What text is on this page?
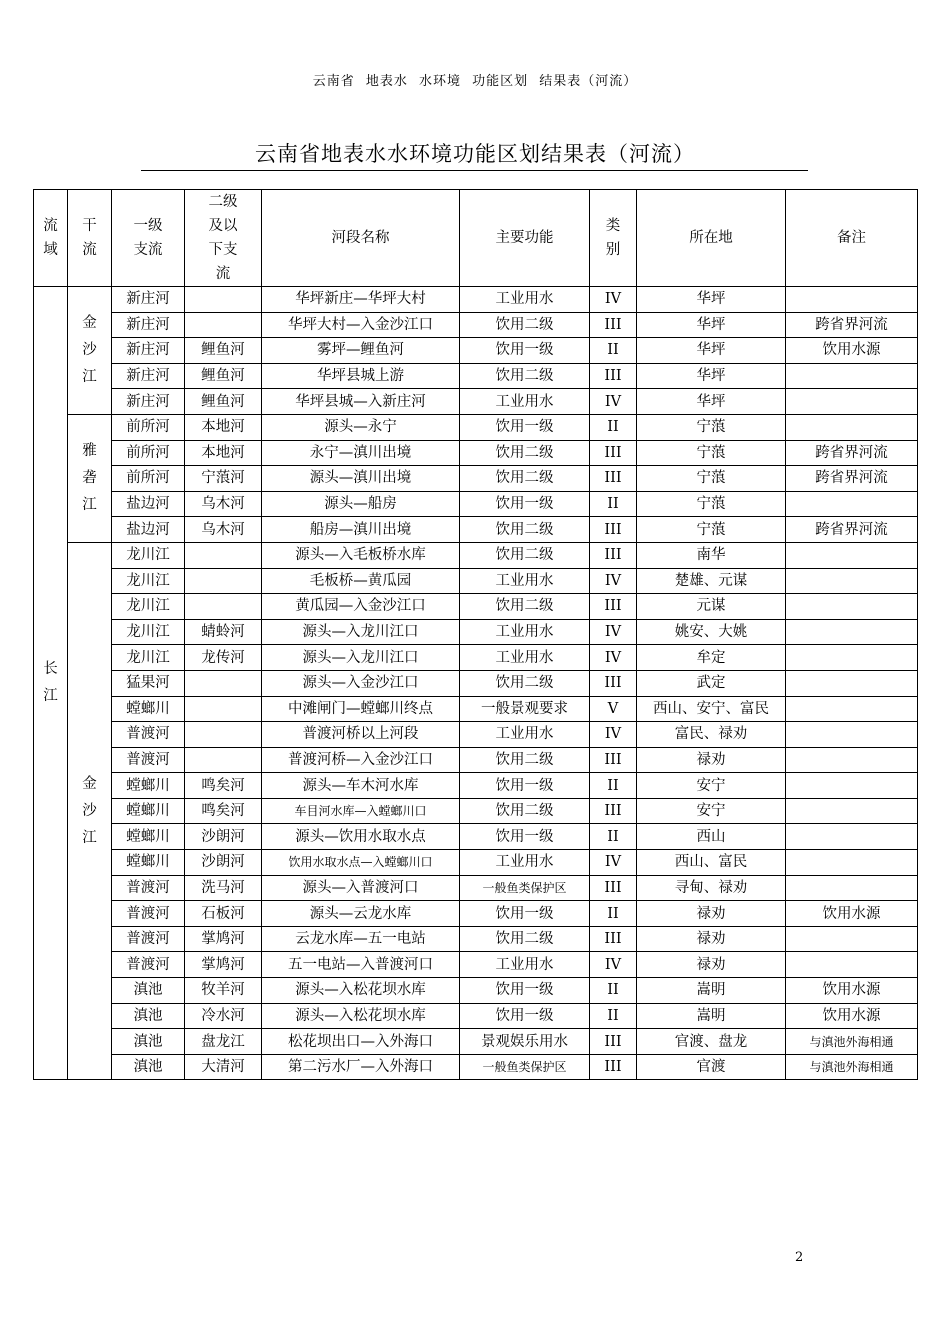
云南省 地表水 水环境 功能区划 结果表（河流）
云南省地表水水环境功能区划结果表（河流）
流域	干流	一级支流	二级及以下支流	河段名称	主要功能	类别	所在地	备注

长江	金沙江	新庄河		华坪新庄—华坪大村	工业用水	IV	华坪	
		新庄河		华坪大村—入金沙江口	饮用二级	III	华坪	跨省界河流
		新庄河	鲤鱼河	雾坪—鲤鱼河	饮用一级	II	华坪	饮用水源
		新庄河	鲤鱼河	华坪县城上游	饮用二级	III	华坪	
		新庄河	鲤鱼河	华坪县城—入新庄河	工业用水	IV	华坪	

	雅砻江	前所河	本地河	源头—永宁	饮用一级	II	宁蒗	
		前所河	本地河	永宁—滇川出境	饮用二级	III	宁蒗	跨省界河流
		前所河	宁蒗河	源头—滇川出境	饮用二级	III	宁蒗	跨省界河流
		盐边河	乌木河	源头—船房	饮用一级	II	宁蒗	
		盐边河	乌木河	船房—滇川出境	饮用二级	III	宁蒗	跨省界河流

	金沙江	龙川江		源头—入毛板桥水库	饮用二级	III	南华	
		龙川江		毛板桥—黄瓜园	工业用水	IV	楚雄、元谋	
		龙川江		黄瓜园—入金沙江口	饮用二级	III	元谋	
		龙川江	蜻蛉河	源头—入龙川江口	工业用水	IV	姚安、大姚	
		龙川江	龙传河	源头—入龙川江口	工业用水	IV	牟定	
		猛果河		源头—入金沙江口	饮用二级	III	武定	
		螳螂川		中滩闸门—螳螂川终点	一般景观要求	V	西山、安宁、富民	
		普渡河		普渡河桥以上河段	工业用水	IV	富民、禄劝	
		普渡河		普渡河桥—入金沙江口	饮用二级	III	禄劝	
		螳螂川	鸣矣河	源头—车木河水库	饮用一级	II	安宁	
		螳螂川	鸣矣河	车目河水库—入螳螂川口	饮用二级	III	安宁	
		螳螂川	沙朗河	源头—饮用水取水点	饮用一级	II	西山	
		螳螂川	沙朗河	饮用水取水点—入螳螂川口	工业用水	IV	西山、富民	
		普渡河	洗马河	源头—入普渡河口	一般鱼类保护区	III	寻甸、禄劝	
		普渡河	石板河	源头—云龙水库	饮用一级	II	禄劝	饮用水源
		普渡河	掌鸠河	云龙水库—五一电站	饮用二级	III	禄劝	
		普渡河	掌鸠河	五一电站—入普渡河口	工业用水	IV	禄劝	
		滇池	牧羊河	源头—入松花坝水库	饮用一级	II	嵩明	饮用水源
		滇池	冷水河	源头—入松花坝水库	饮用一级	II	嵩明	饮用水源
		滇池	盘龙江	松花坝出口—入外海口	景观娱乐用水	III	官渡、盘龙	与滇池外海相通
		滇池	大清河	第二污水厂—入外海口	一般鱼类保护区	III	官渡	与滇池外海相通
2
